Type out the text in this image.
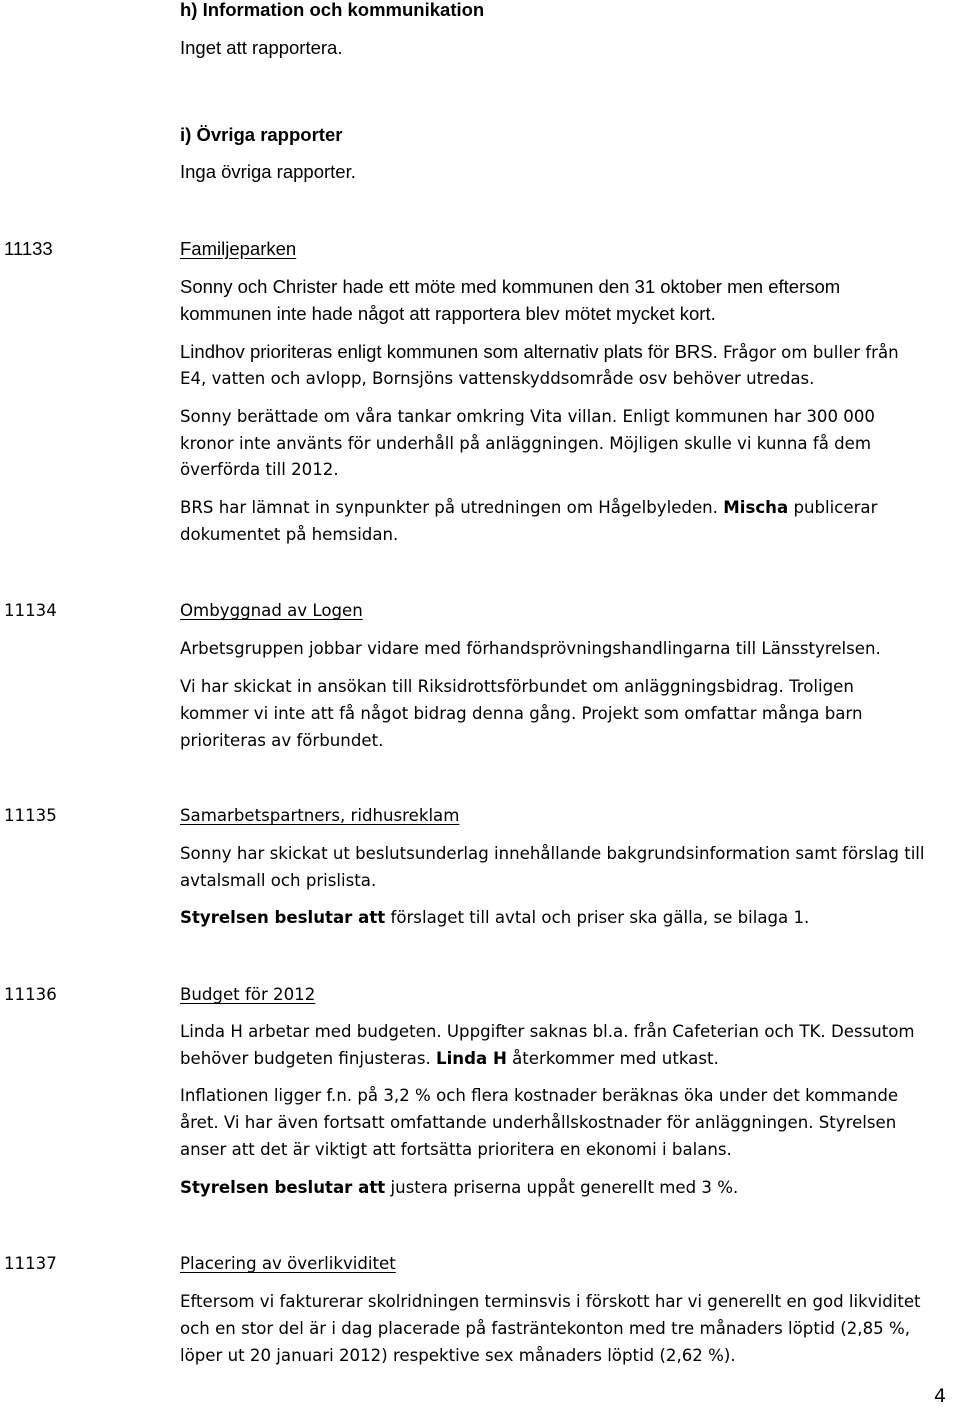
h) Information och kommunikation

Inget att rapportera.

i) Övriga rapporter

Inga övriga rapporter.

11133	Familjeparken

Sonny och Christer hade ett möte med kommunen den 31 oktober men eftersom

kommunen inte hade något att rapportera blev mötet mycket kort.

Lindhov prioriteras enligt kommunen som alternativ plats för BRS. Frågor om buller från

E4, vatten och avlopp, Bornsjöns vattenskyddsområde osv behöver utredas.

Sonny berättade om våra tankar omkring Vita villan. Enligt kommunen har 300 000

kronor inte använts för underhåll på anläggningen. Möjligen skulle vi kunna få dem

överförda till 2012.

BRS har lämnat in synpunkter på utredningen om Hågelbyleden. Mischa publicerar

dokumentet på hemsidan.

11134	Ombyggnad av Logen

Arbetsgruppen jobbar vidare med förhandsprövningshandlingarna till Länsstyrelsen.

Vi har skickat in ansökan till Riksidrottsförbundet om anläggningsbidrag. Troligen

kommer vi inte att få något bidrag denna gång. Projekt som omfattar många barn

prioriteras av förbundet.

11135	Samarbetspartners, ridhusreklam

Sonny har skickat ut beslutsunderlag innehållande bakgrundsinformation samt förslag till

avtalsmall och prislista.

Styrelsen beslutar att förslaget till avtal och priser ska gälla, se bilaga 1.

11136	Budget för 2012

Linda H arbetar med budgeten. Uppgifter saknas bl.a. från Cafeterian och TK. Dessutom

behöver budgeten finjusteras. Linda H återkommer med utkast.

Inflationen ligger f.n. på 3,2 % och flera kostnader beräknas öka under det kommande

året. Vi har även fortsatt omfattande underhållskostnader för anläggningen. Styrelsen

anser att det är viktigt att fortsätta prioritera en ekonomi i balans.

Styrelsen beslutar att justera priserna uppåt generellt med 3 %.

11137	Placering av överlikviditet

Eftersom vi fakturerar skolridningen terminsvis i förskott har vi generellt en god likviditet

och en stor del är i dag placerade på fasträntekonton med tre månaders löptid (2,85 %,

löper ut 20 januari 2012) respektive sex månaders löptid (2,62 %).

4
